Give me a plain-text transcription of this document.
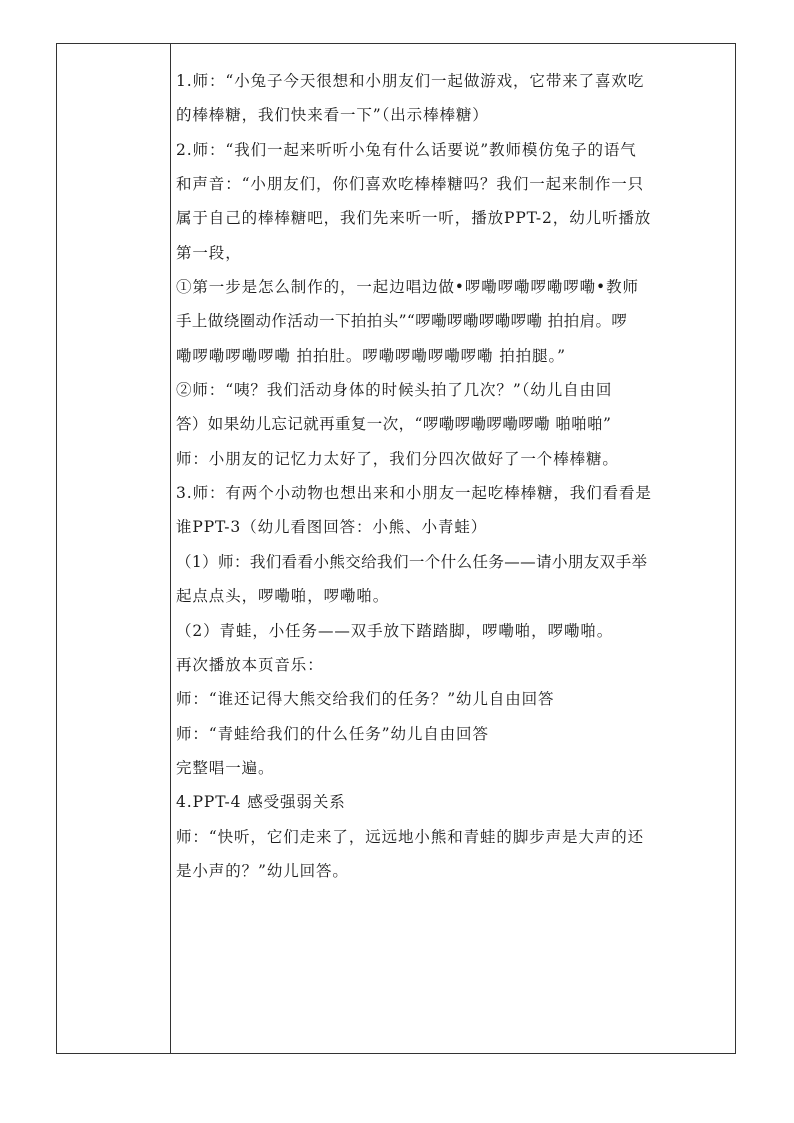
1.师：“小兔子今天很想和小朋友们一起做游戏，它带来了喜欢吃
的棒棒糖，我们快来看一下”（出示棒棒糖）
2.师：“我们一起来听听小兔有什么话要说”教师模仿兔子的语气
和声音：“小朋友们，你们喜欢吃棒棒糖吗？我们一起来制作一只
属于自己的棒棒糖吧，我们先来听一听，播放PPT-2，幼儿听播放
第一段，
①第一步是怎么制作的，一起边唱边做•啰嘞啰嘞啰嘞啰嘞•教师
手上做绕圈动作活动一下拍拍头”“啰嘞啰嘞啰嘞啰嘞 拍拍肩。啰
嘞啰嘞啰嘞啰嘞 拍拍肚。啰嘞啰嘞啰嘞啰嘞 拍拍腿。”
②师：“咦？我们活动身体的时候头拍了几次？”（幼儿自由回
答）如果幼儿忘记就再重复一次，“啰嘞啰嘞啰嘞啰嘞 啪啪啪”
师：小朋友的记忆力太好了，我们分四次做好了一个棒棒糖。
3.师：有两个小动物也想出来和小朋友一起吃棒棒糖，我们看看是
谁PPT-3（幼儿看图回答：小熊、小青蛙）
（1）师：我们看看小熊交给我们一个什么任务——请小朋友双手举
起点点头，啰嘞啪，啰嘞啪。
（2）青蛙，小任务——双手放下踏踏脚，啰嘞啪，啰嘞啪。
再次播放本页音乐：
师：“谁还记得大熊交给我们的任务？”幼儿自由回答
师：“青蛙给我们的什么任务”幼儿自由回答
完整唱一遍。
4.PPT-4 感受强弱关系
师：“快听，它们走来了，远远地小熊和青蛙的脚步声是大声的还
是小声的？”幼儿回答。
